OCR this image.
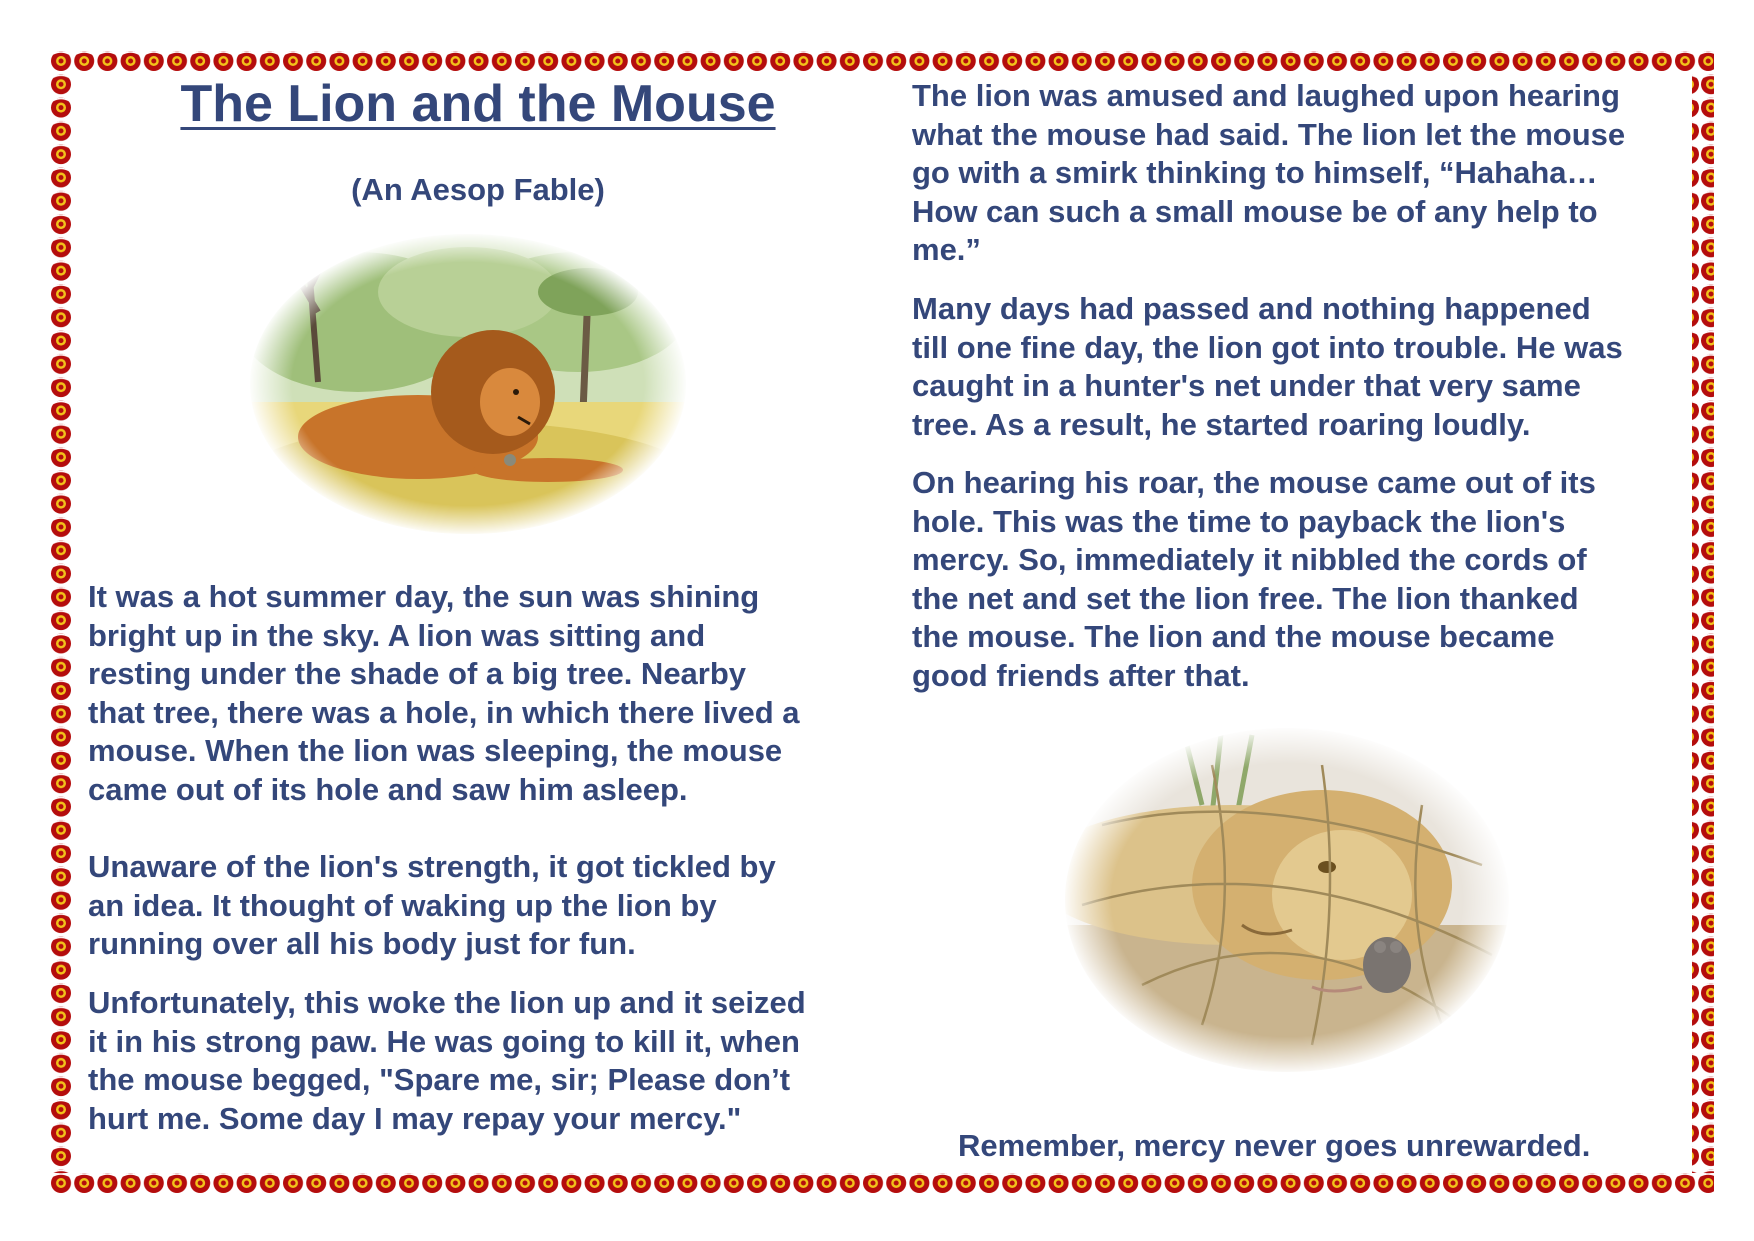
The Lion and the Mouse
(An Aesop Fable)
It was a hot summer day, the sun was shining
bright up in the sky. A lion was sitting and
resting under the shade of a big tree. Nearby
that tree, there was a hole, in which there lived a
mouse. When the lion was sleeping, the mouse
came out of its hole and saw him asleep.
Unaware of the lion's strength, it got tickled by
an idea. It thought of waking up the lion by
running over all his body just for fun.
Unfortunately, this woke the lion up and it seized
it in his strong paw. He was going to kill it, when
the mouse begged, "Spare me, sir; Please don’t
hurt me. Some day I may repay your mercy."
The lion was amused and laughed upon hearing
what the mouse had said. The lion let the mouse
go with a smirk thinking to himself, “Hahaha…
How can such a small mouse be of any help to
me.”
Many days had passed and nothing happened
till one fine day, the lion got into trouble. He was
caught in a hunter's net under that very same
tree. As a result, he started roaring loudly.
On hearing his roar, the mouse came out of its
hole. This was the time to payback the lion's
mercy. So, immediately it nibbled the cords of
the net and set the lion free. The lion thanked
the mouse. The lion and the mouse became
good friends after that.
Remember, mercy never goes unrewarded.
